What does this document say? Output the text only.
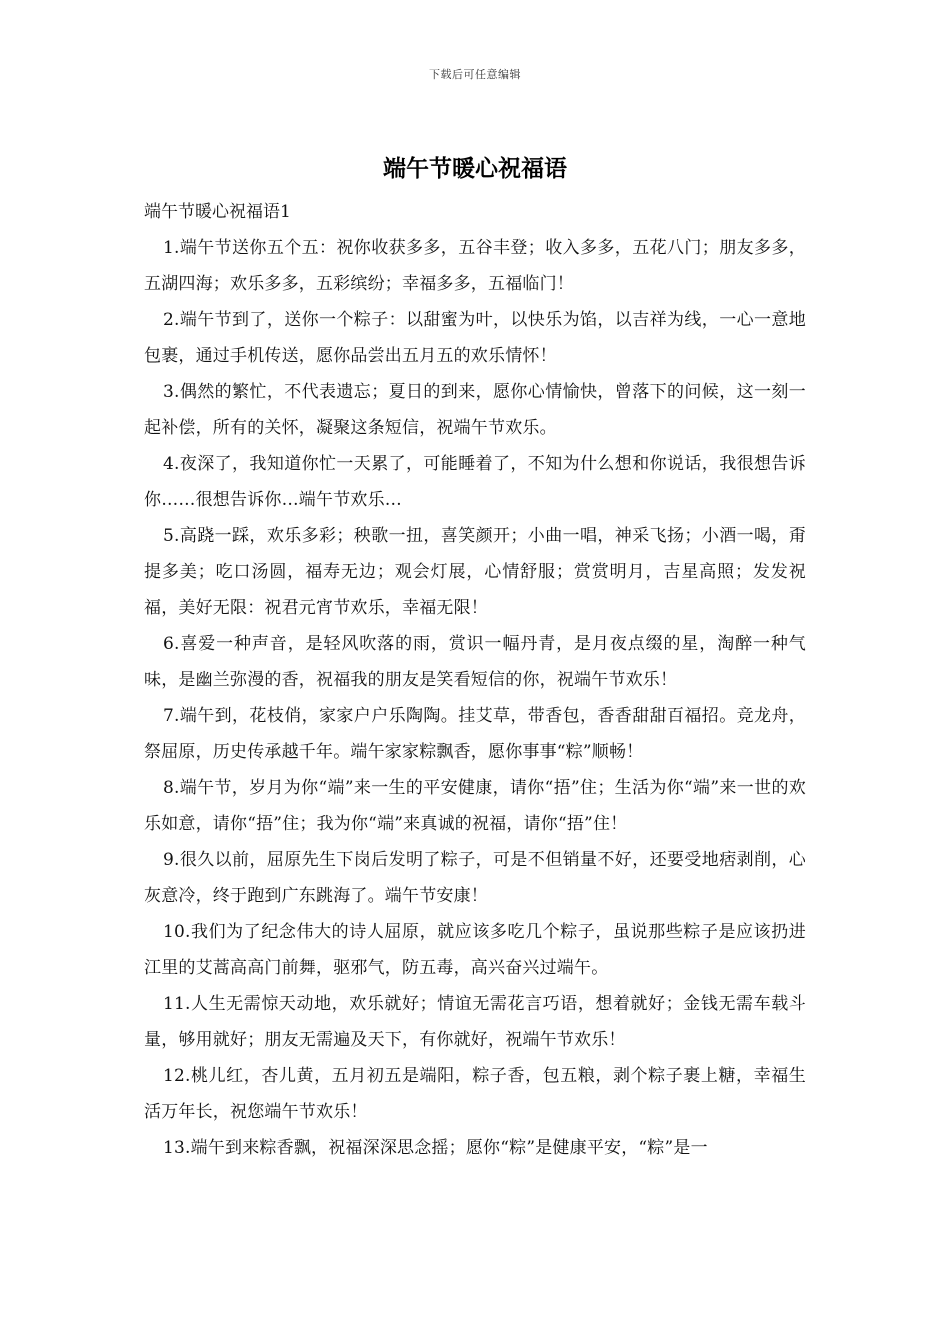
下载后可任意编辑
端午节暖心祝福语

端午节暖心祝福语1

1.端午节送你五个五：祝你收获多多，五谷丰登；收入多多，五花八门；朋友多多，五湖四海；欢乐多多，五彩缤纷；幸福多多，五福临门！

2.端午节到了，送你一个粽子：以甜蜜为叶，以快乐为馅，以吉祥为线，一心一意地包裹，通过手机传送，愿你品尝出五月五的欢乐情怀！

3.偶然的繁忙，不代表遗忘；夏日的到来，愿你心情愉快，曾落下的问候，这一刻一起补偿，所有的关怀，凝聚这条短信，祝端午节欢乐。

4.夜深了，我知道你忙一天累了，可能睡着了，不知为什么想和你说话，我很想告诉你……很想告诉你…端午节欢乐…

5.高跷一踩，欢乐多彩；秧歌一扭，喜笑颜开；小曲一唱，神采飞扬；小酒一喝，甭提多美；吃口汤圆，福寿无边；观会灯展，心情舒服；赏赏明月，吉星高照；发发祝福，美好无限：祝君元宵节欢乐，幸福无限！

6.喜爱一种声音，是轻风吹落的雨，赏识一幅丹青，是月夜点缀的星，淘醉一种气味，是幽兰弥漫的香，祝福我的朋友是笑看短信的你，祝端午节欢乐！

7.端午到，花枝俏，家家户户乐陶陶。挂艾草，带香包，香香甜甜百福招。竞龙舟，祭屈原，历史传承越千年。端午家家粽飘香，愿你事事“粽”顺畅！

8.端午节，岁月为你“端”来一生的平安健康，请你“捂”住；生活为你“端”来一世的欢乐如意，请你“捂”住；我为你“端”来真诚的祝福，请你“捂”住！

9.很久以前，屈原先生下岗后发明了粽子，可是不但销量不好，还要受地痞剥削，心灰意冷，终于跑到广东跳海了。端午节安康！

10.我们为了纪念伟大的诗人屈原，就应该多吃几个粽子，虽说那些粽子是应该扔进江里的艾蒿高高门前舞，驱邪气，防五毒，高兴奋兴过端午。

11.人生无需惊天动地，欢乐就好；情谊无需花言巧语，想着就好；金钱无需车载斗量，够用就好；朋友无需遍及天下，有你就好，祝端午节欢乐！

12.桃儿红，杏儿黄，五月初五是端阳，粽子香，包五粮，剥个粽子裹上糖，幸福生活万年长，祝您端午节欢乐！

13.端午到来粽香飘，祝福深深思念摇；愿你“粽”是健康平安，“粽”是一
